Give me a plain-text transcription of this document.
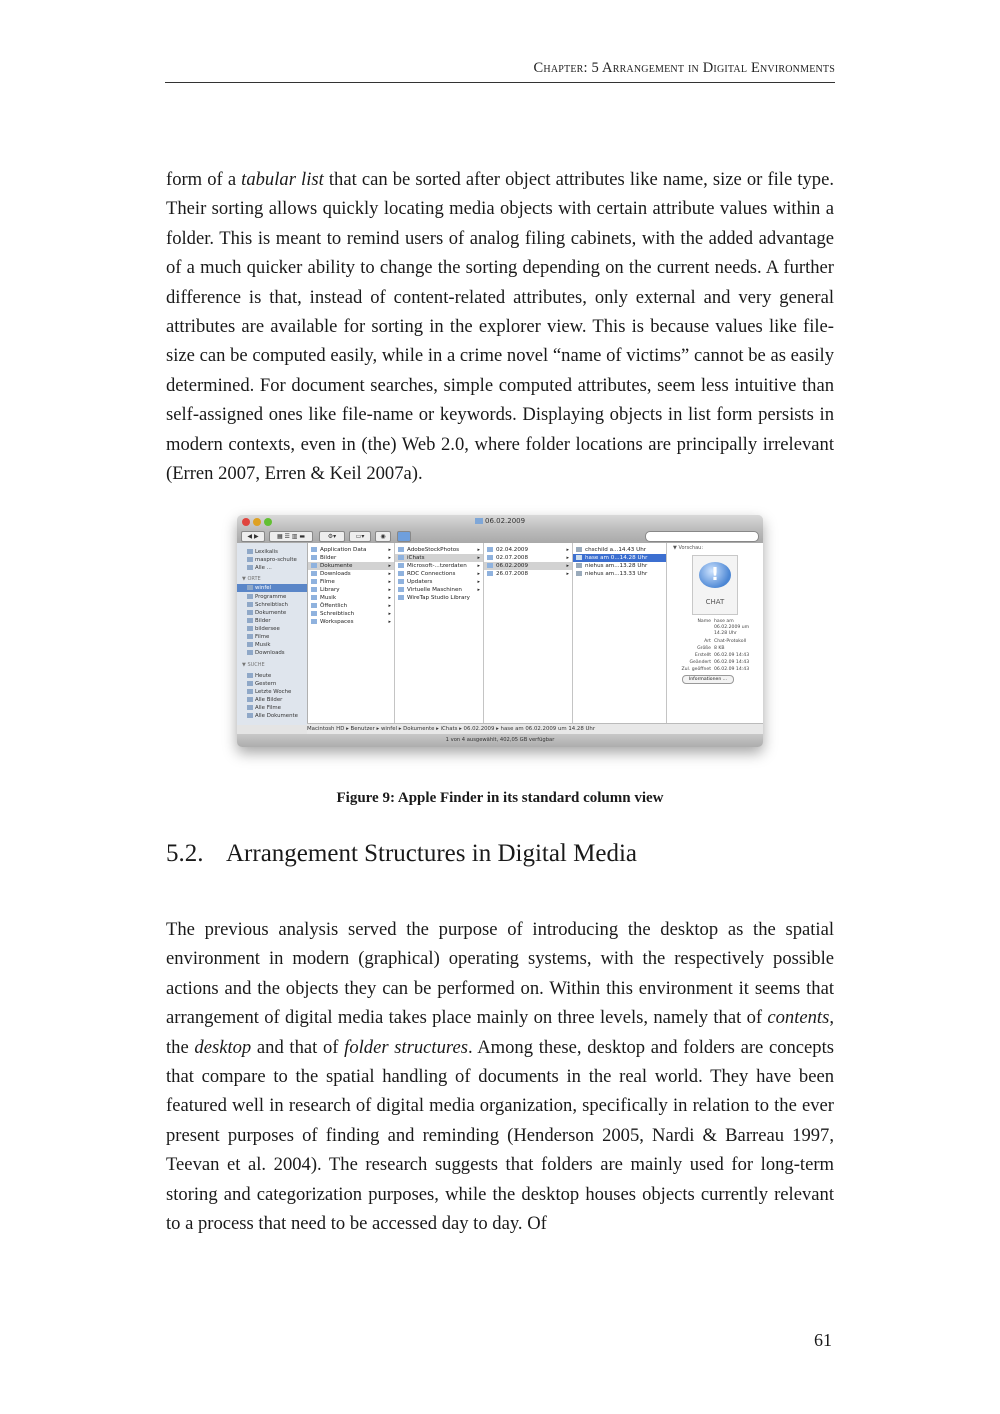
Chapter: 5 Arrangement in Digital Environments

form of a tabular list that can be sorted after object attributes like name, size or file type. Their sorting allows quickly locating media objects with certain attribute values within a folder. This is meant to remind users of analog filing cabinets, with the added advantage of a much quicker ability to change the sorting depending on the current needs. A further difference is that, instead of content-related attributes, only external and very general attributes are available for sorting in the explorer view. This is because values like file-size can be computed easily, while in a crime novel “name of victims” cannot be as easily determined. For document searches, simple computed attributes, seem less intuitive than self-assigned ones like file-name or keywords. Displaying objects in list form persists in modern contexts, even in (the) Web 2.0, where folder locations are principally irrelevant (Erren 2007, Erren & Keil 2007a).

06.02.2009
◀ ▶	▦ ☰ ▥ ▬	⚙▾	▭▾	◉
Lexikalis
maspro-schulte
Alle ...
▼ ORTE
winfel
Programme
Schreibtisch
Dokumente
Bilder
bildersee
Filme
Musik
Downloads
▼ SUCHE
Heute
Gestern
Letzte Woche
Alle Bilder
Alle Filme
Alle Dokumente
Application Data	▸
Bilder	▸
Dokumente	▸
Downloads	▸
Filme	▸
Library	▸
Musik	▸
Öffentlich	▸
Schreibtisch	▸
Workspaces	▸
AdobeStockPhotos	▸
iChats	▸
Microsoft-...tzerdaten ▸
RDC Connections	▸
Updaters	▸
Virtuelle Maschinen	▸
WireTap Studio Library
02.04.2009	▸
02.07.2008	▸
06.02.2009	▸
26.07.2008	▸
chschild a...14.43 Uhr
hase am 0...14.28 Uhr
niehus am...13.28 Uhr
niehus am...13.33 Uhr
▼ Vorschau:
!
CHAT
Name hase am
06.02.2009 um
14.28 Uhr
Art Chat-Protokoll
Größe 8 KB
Erstellt 06.02.09 14:43
Geändert 06.02.09 14:43
Zul. geöffnet 06.02.09 14:43
Informationen ...
Macintosh HD ▸ Benutzer ▸ winfel ▸ Dokumente ▸ iChats ▸ 06.02.2009 ▸ hase am 06.02.2009 um 14.28 Uhr
1 von 4 ausgewählt, 402,05 GB verfügbar
Figure 9: Apple Finder in its standard column view
5.2. Arrangement Structures in Digital Media

The previous analysis served the purpose of introducing the desktop as the spatial environment in modern (graphical) operating systems, with the respectively possible actions and the objects they can be performed on. Within this environment it seems that arrangement of digital media takes place mainly on three levels, namely that of contents, the desktop and that of folder structures. Among these, desktop and folders are concepts that compare to the spatial handling of documents in the real world. They have been featured well in research of digital media organization, specifically in relation to the ever present purposes of finding and reminding (Henderson 2005, Nardi & Barreau 1997, Teevan et al. 2004). The research suggests that folders are mainly used for long-term storing and categorization purposes, while the desktop houses objects currently relevant to a process that need to be accessed day to day. Of

61
